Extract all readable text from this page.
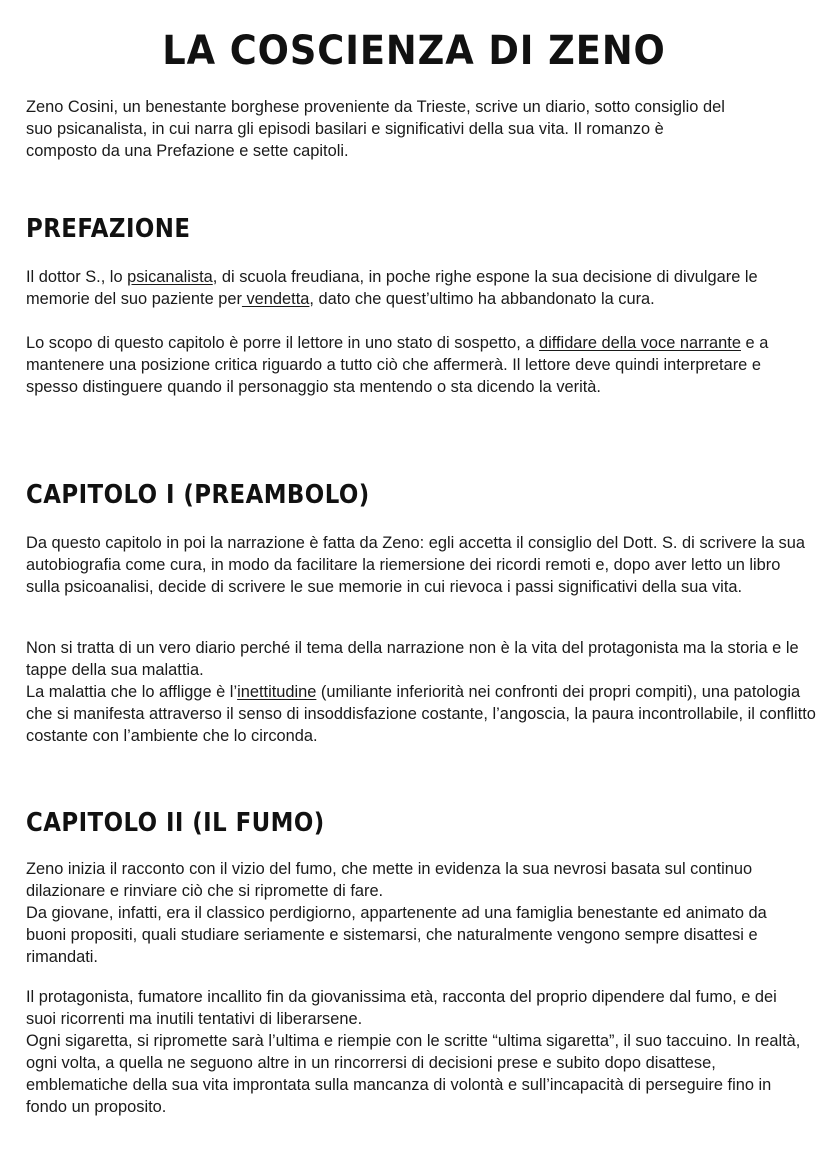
LA COSCIENZA DI ZENO

Zeno Cosini, un benestante borghese proveniente da Trieste, scrive un diario, sotto consiglio del suo psicanalista, in cui narra gli episodi basilari e significativi della sua vita. Il romanzo è composto da una Prefazione e sette capitoli.

PREFAZIONE

Il dottor S., lo psicanalista, di scuola freudiana, in poche righe espone la sua decisione di divulgare le memorie del suo paziente per vendetta, dato che quest’ultimo ha abbandonato la cura.

Lo scopo di questo capitolo è porre il lettore in uno stato di sospetto, a diffidare della voce narrante e a mantenere una posizione critica riguardo a tutto ciò che affermerà. Il lettore deve quindi interpretare e spesso distinguere quando il personaggio sta mentendo o sta dicendo la verità.

CAPITOLO I (PREAMBOLO)

Da questo capitolo in poi la narrazione è fatta da Zeno: egli accetta il consiglio del Dott. S. di scrivere la sua autobiografia come cura, in modo da facilitare la riemersione dei ricordi remoti e, dopo aver letto un libro sulla psicoanalisi, decide di scrivere le sue memorie in cui rievoca i passi significativi della sua vita.

Non si tratta di un vero diario perché il tema della narrazione non è la vita del protagonista ma la storia e le tappe della sua malattia.

La malattia che lo affligge è l’inettitudine (umiliante inferiorità nei confronti dei propri compiti), una patologia che si manifesta attraverso il senso di insoddisfazione costante, l’angoscia, la paura incontrollabile, il conflitto costante con l’ambiente che lo circonda.

CAPITOLO II (IL FUMO)

Zeno inizia il racconto con il vizio del fumo, che mette in evidenza la sua nevrosi basata sul continuo dilazionare e rinviare ciò che si ripromette di fare.

Da giovane, infatti, era il classico perdigiorno, appartenente ad una famiglia benestante ed animato da buoni propositi, quali studiare seriamente e sistemarsi, che naturalmente vengono sempre disattesi e rimandati.

Il protagonista, fumatore incallito fin da giovanissima età, racconta del proprio dipendere dal fumo, e dei suoi ricorrenti ma inutili tentativi di liberarsene.

Ogni sigaretta, si ripromette sarà l’ultima e riempie con le scritte “ultima sigaretta”, il suo taccuino. In realtà, ogni volta, a quella ne seguono altre in un rincorrersi di decisioni prese e subito dopo disattese, emblematiche della sua vita improntata sulla mancanza di volontà e sull’incapacità di perseguire fino in fondo un proposito.
